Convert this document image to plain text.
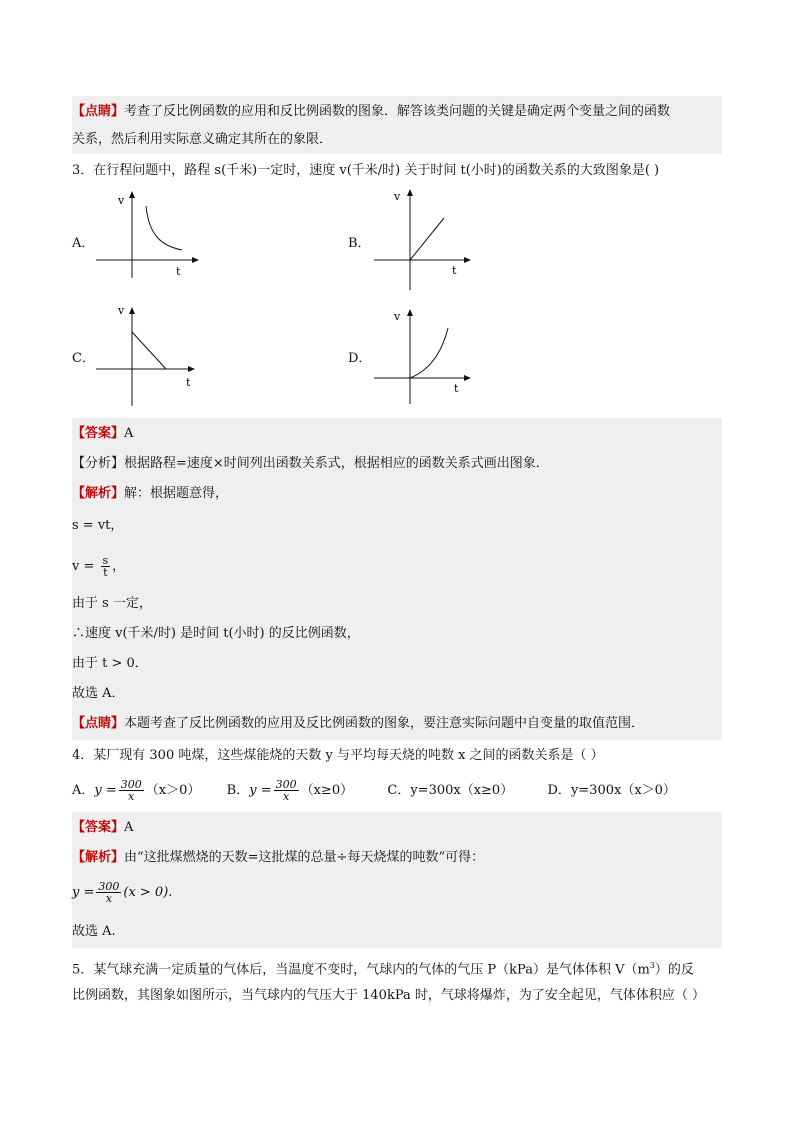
【点睛】考查了反比例函数的应用和反比例函数的图象．解答该类问题的关键是确定两个变量之间的函数
关系，然后利用实际意义确定其所在的象限．
3．在行程问题中，路程 s(千米)一定时，速度 v(千米/时) 关于时间 t(小时)的函数关系的大致图象是( )
A．
v
t
B．
v
t
C．
v
t
D．
v
t
【答案】A
【分析】根据路程=速度×时间列出函数关系式，根据相应的函数关系式画出图象．
【解析】解：根据题意得，
s = vt，
$v = \frac{s}{t}$ ，
由于 s 一定，
∴速度 v(千米/时) 是时间 t(小时) 的反比例函数，
由于 t > 0．
故选 A．
【点睛】本题考查了反比例函数的应用及反比例函数的图象，要注意实际问题中自变量的取值范围．
4．某厂现有 300 吨煤，这些煤能烧的天数 y 与平均每天烧的吨数 x 之间的函数关系是（ ）
A．$y = \frac{300}{x} (x>0)$ B．$y = \frac{300}{x} (x\ge 0)$	C．y=300x（x≥0）	D．y=300x（x＞0）
【答案】A
【解析】由“这批煤燃烧的天数=这批煤的总量÷每天烧煤的吨数”可得：
$y = \frac{300}{x} (x > 0)$.
故选 A.
5．某气球充满一定质量的气体后，当温度不变时，气球内的气体的气压 P（kPa）是气体体积 $V(m^3)$的反
比例函数，其图象如图所示，当气球内的气压大于 140kPa 时，气球将爆炸，为了安全起见，气体体积应（ ）
